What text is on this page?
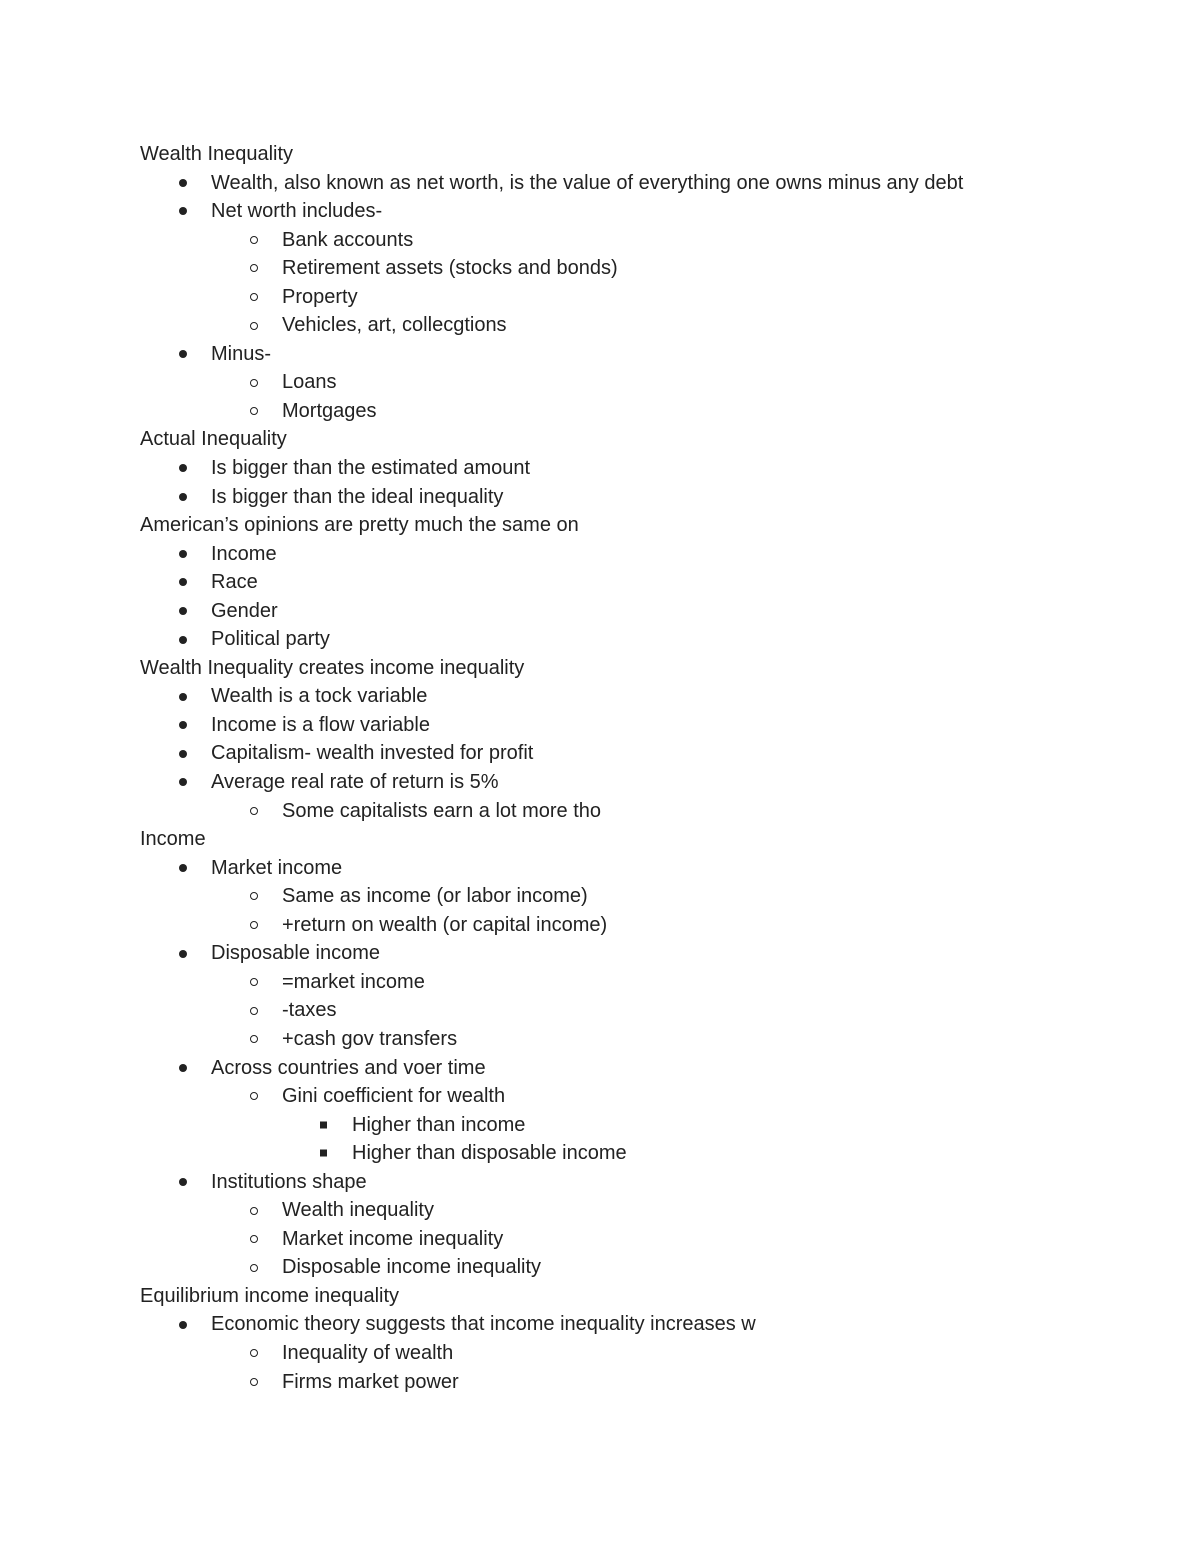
Wealth Inequality
Wealth, also known as net worth, is the value of everything one owns minus any debt
Net worth includes-
Bank accounts
Retirement assets (stocks and bonds)
Property
Vehicles, art, collecgtions
Minus-
Loans
Mortgages
Actual Inequality
Is bigger than the estimated amount
Is bigger than the ideal inequality
American’s opinions are pretty much the same on
Income
Race
Gender
Political party
Wealth Inequality creates income inequality
Wealth is a tock variable
Income is a flow variable
Capitalism- wealth invested for profit
Average real rate of return is 5%
Some capitalists earn a lot more tho
Income
Market income
Same as income (or labor income)
+return on wealth (or capital income)
Disposable income
=market income
-taxes
+cash gov transfers
Across countries and voer time
Gini coefficient for wealth
Higher than income
Higher than disposable income
Institutions shape
Wealth inequality
Market income inequality
Disposable income inequality
Equilibrium income inequality
Economic theory suggests that income inequality increases w
Inequality of wealth
Firms market power
